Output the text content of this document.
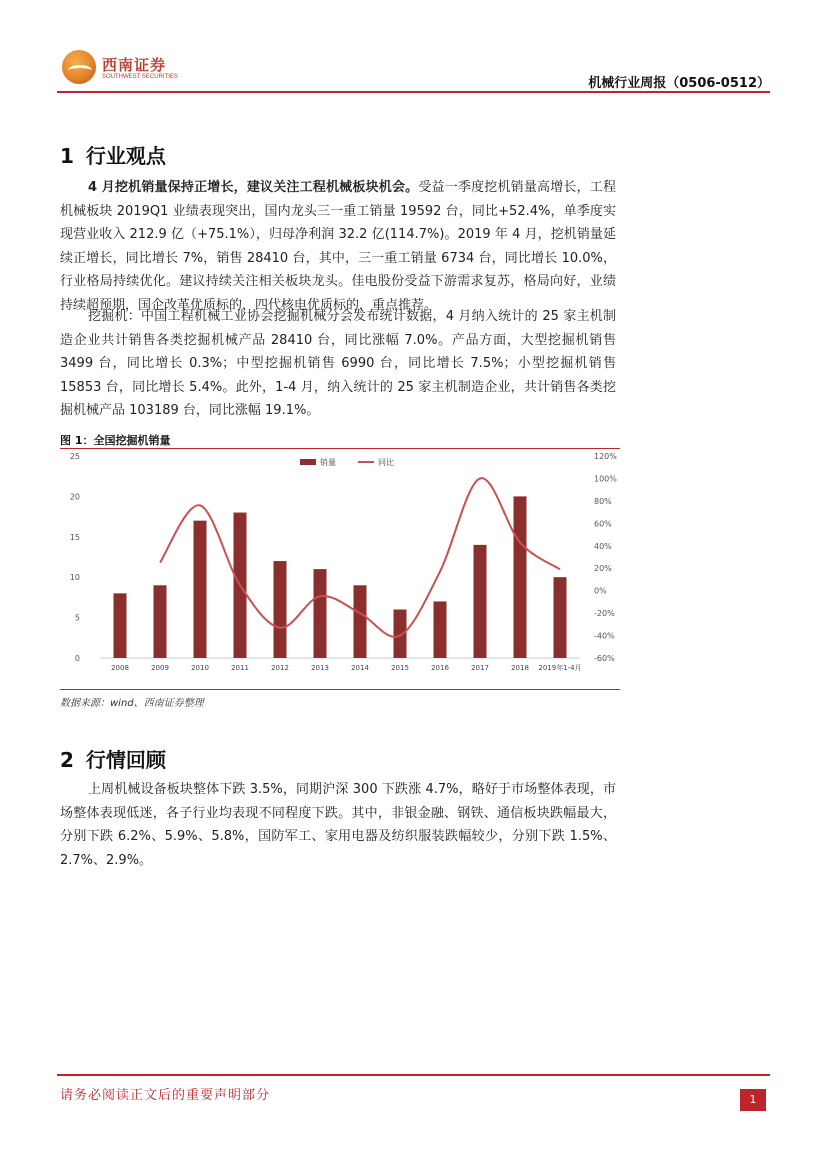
西南证券
SOUTHWEST SECURITIES	机械行业周报（0506-0512）
1 行业观点

4 月挖机销量保持正增长，建议关注工程机械板块机会。受益一季度挖机销量高增长，工程机械板块 2019Q1 业绩表现突出，国内龙头三一重工销量 19592 台，同比+52.4%，单季度实现营业收入 212.9 亿（+75.1%），归母净利润 32.2 亿(114.7%)。2019 年 4 月，挖机销量延续正增长，同比增长 7%，销售 28410 台，其中，三一重工销量 6734 台，同比增长 10.0%，行业格局持续优化。建议持续关注相关板块龙头。佳电股份受益下游需求复苏，格局向好，业绩持续超预期，国企改革优质标的，四代核电优质标的，重点推荐。

挖掘机：中国工程机械工业协会挖掘机械分会发布统计数据，4 月纳入统计的 25 家主机制造企业共计销售各类挖掘机械产品 28410 台，同比涨幅 7.0%。产品方面，大型挖掘机销售 3499 台，同比增长 0.3%；中型挖掘机销售 6990 台，同比增长 7.5%；小型挖掘机销售 15853 台，同比增长 5.4%。此外，1-4 月，纳入统计的 25 家主机制造企业，共计销售各类挖掘机械产品 103189 台，同比涨幅 19.1%。

图 1：全国挖掘机销量
0
5
10
15
20
25
-60%
-40%
-20%
0%
20%
40%
60%
80%
100%
120%
2008	2009	2010	2011	2012	2013	2014	2015	2016	2017	2018 2019年1-4月
销量	同比
数据来源：wind、西南证券整理
2 行情回顾

上周机械设备板块整体下跌 3.5%，同期沪深 300 下跌涨 4.7%，略好于市场整体表现，市场整体表现低迷，各子行业均表现不同程度下跌。其中，非银金融、钢铁、通信板块跌幅最大，分别下跌 6.2%、5.9%、5.8%，国防军工、家用电器及纺织服装跌幅较少，分别下跌 1.5%、2.7%、2.9%。

请务必阅读正文后的重要声明部分	1
